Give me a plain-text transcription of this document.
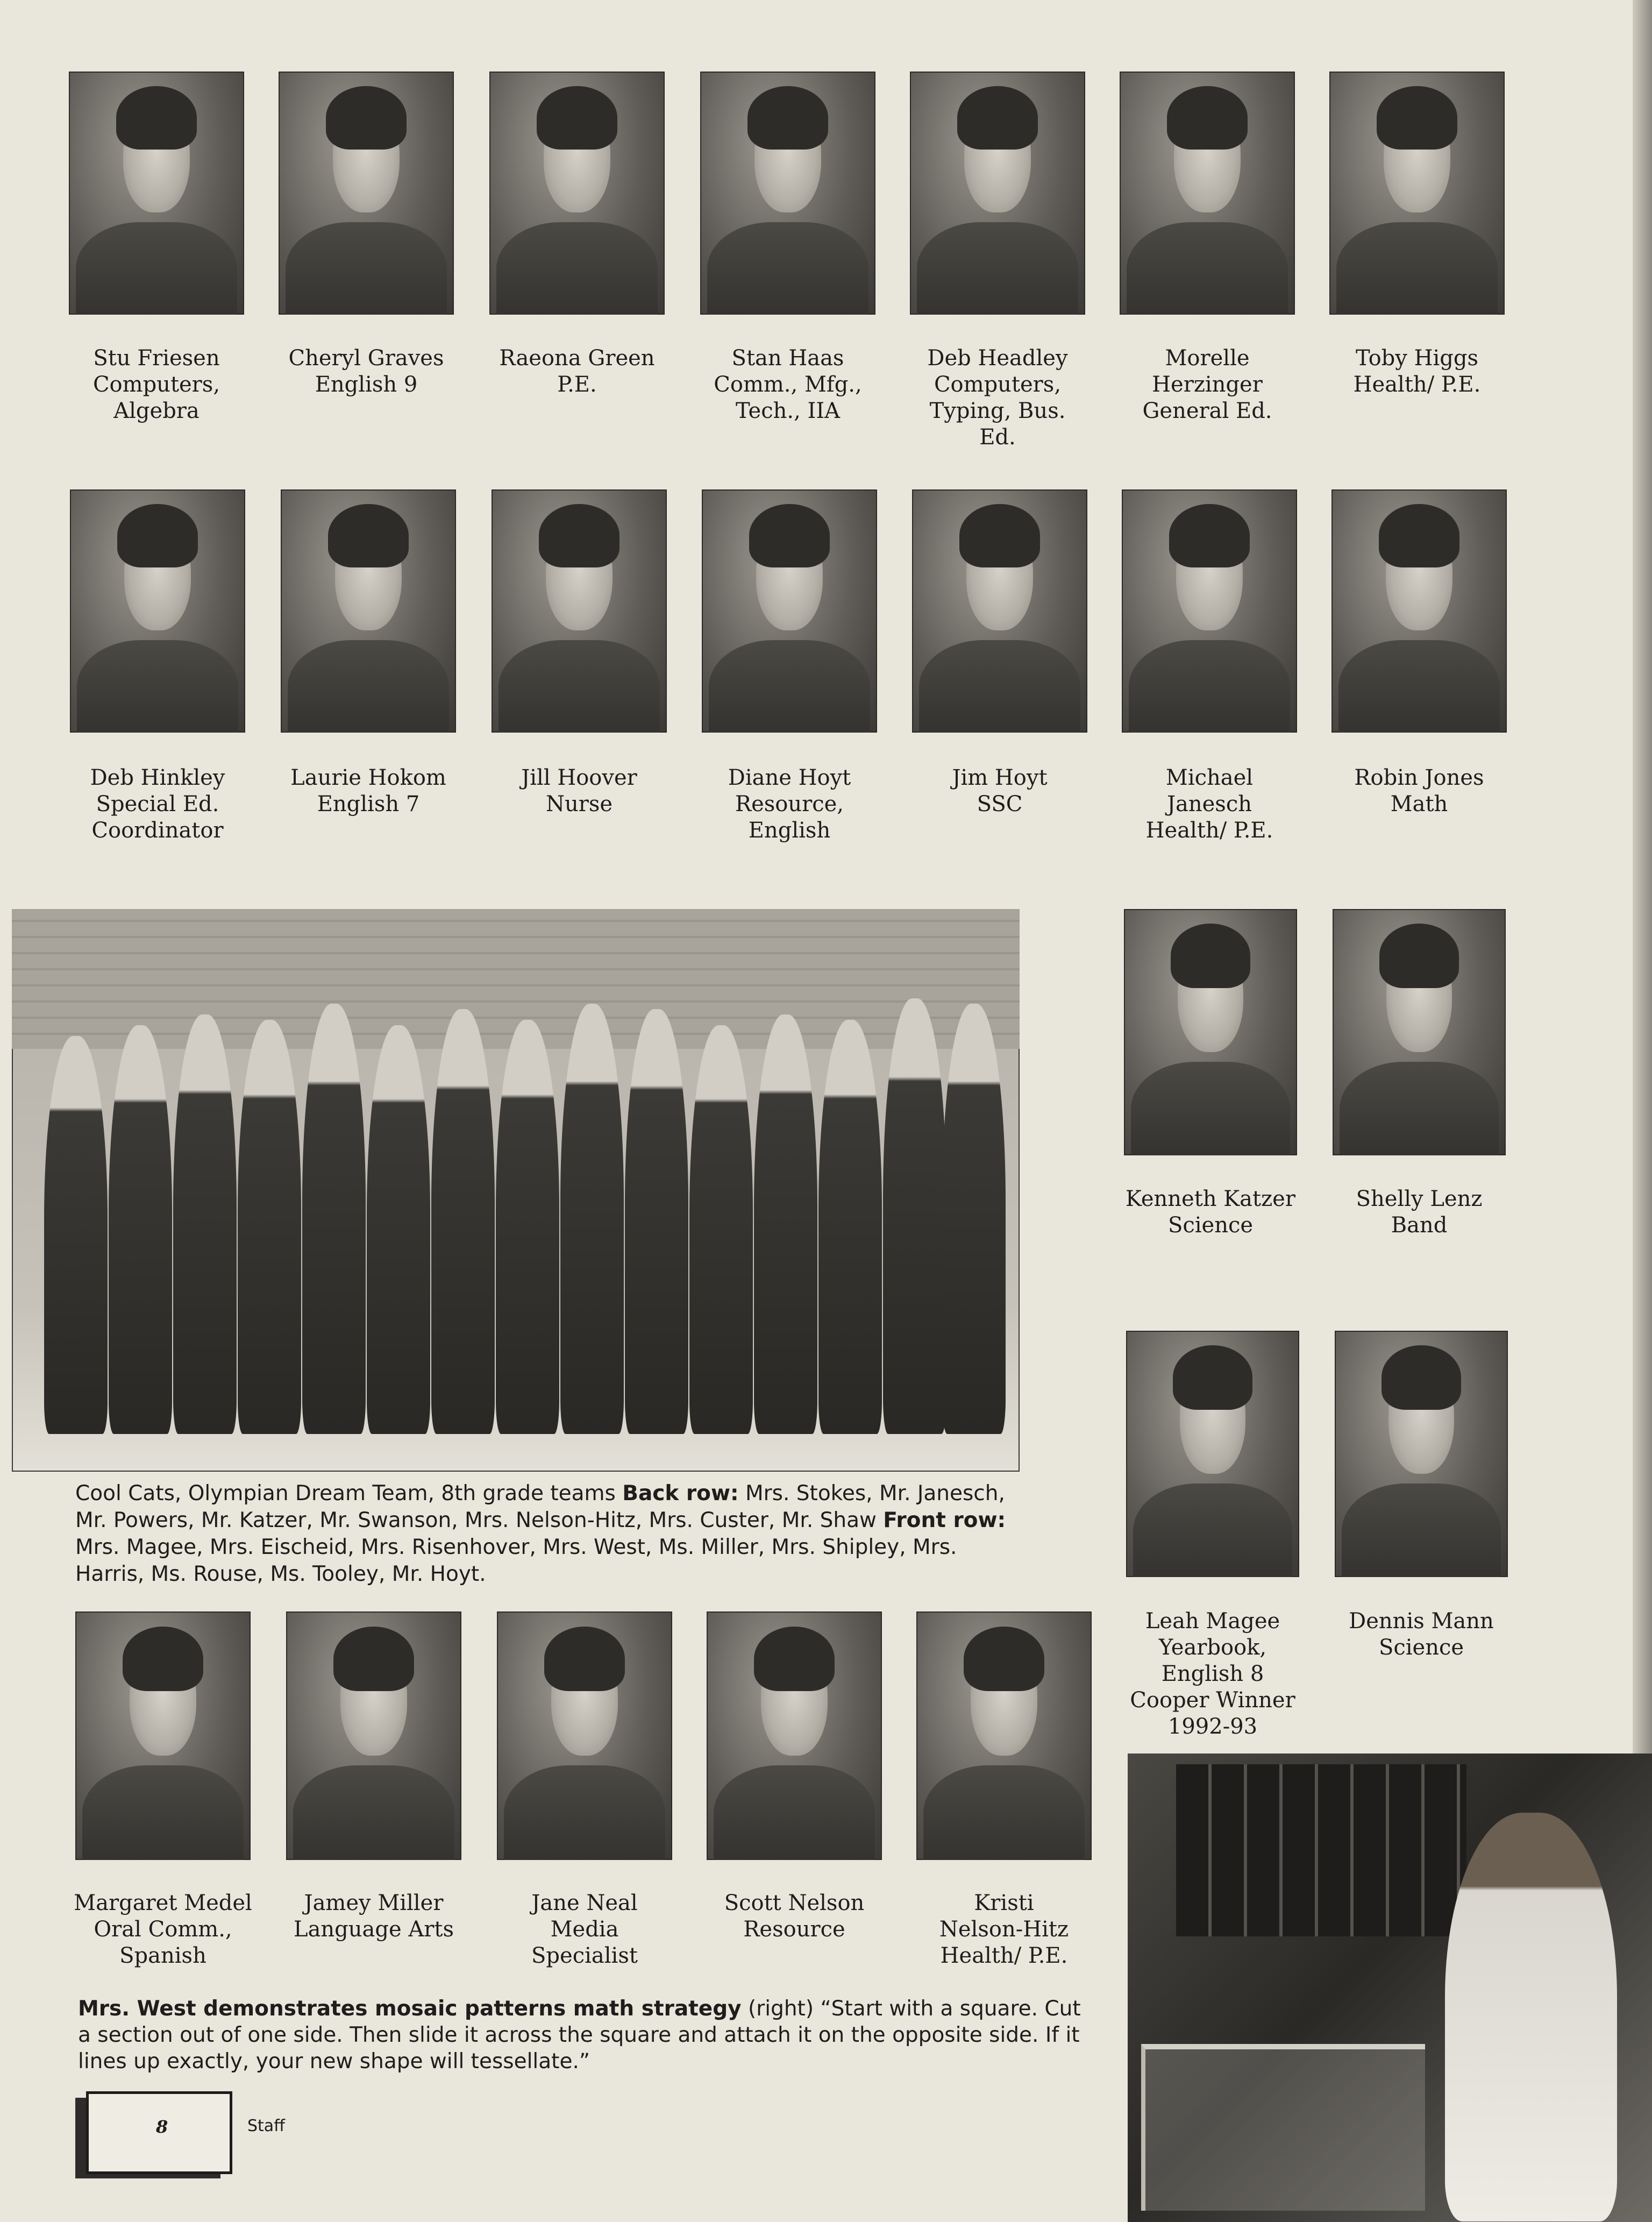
Stu Friesen
Computers,
Algebra
Cheryl Graves
English 9
Raeona Green
P.E.
Stan Haas
Comm., Mfg.,
Tech., IIA
Deb Headley
Computers,
Typing, Bus.
Ed.
Morelle
Herzinger
General Ed.
Toby Higgs
Health/ P.E.
Deb Hinkley
Special Ed.
Coordinator
Laurie Hokom
English 7
Jill Hoover
Nurse
Diane Hoyt
Resource,
English
Jim Hoyt
SSC
Michael
Janesch
Health/ P.E.
Robin Jones
Math
Cool Cats, Olympian Dream Team, 8th grade teams Back row: Mrs. Stokes, Mr. Janesch, Mr. Powers, Mr. Katzer, Mr. Swanson, Mrs. Nelson-Hitz, Mrs. Custer, Mr. Shaw Front row: Mrs. Magee, Mrs. Eischeid, Mrs. Risenhover, Mrs. West, Ms. Miller, Mrs. Shipley, Mrs. Harris, Ms. Rouse, Ms. Tooley, Mr. Hoyt.
Kenneth Katzer
Science
Shelly Lenz
Band
Leah Magee
Yearbook,
English 8
Cooper Winner
1992-93
Dennis Mann
Science
Margaret Medel
Oral Comm.,
Spanish
Jamey Miller
Language Arts
Jane Neal
Media
Specialist
Scott Nelson
Resource
Kristi
Nelson-Hitz
Health/ P.E.
Mrs. West demonstrates mosaic patterns math strategy (right) “Start with a square. Cut a section out of one side. Then slide it across the square and attach it on the opposite side. If it lines up exactly, your new shape will tessellate.”
8	Staff
